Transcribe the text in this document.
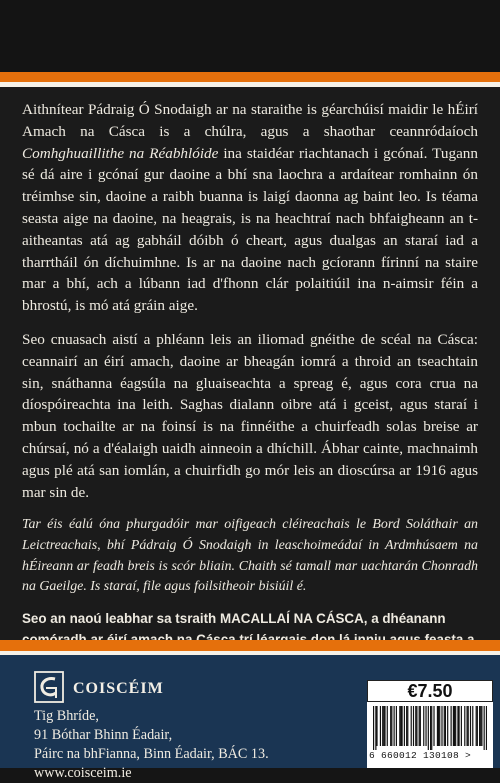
Aithnítear Pádraig Ó Snodaigh ar na staraithe is géarchúisí maidir le hÉirí Amach na Cásca is a chúlra, agus a shaothar ceannródaíoch Comhghuaillithe na Réabhlóide ina staidéar riachtanach i gcónaí. Tugann sé dá aire i gcónaí gur daoine a bhí sna laochra a ardaítear romhainn ón tréimhse sin, daoine a raibh buanna is laigí daonna ag baint leo. Is téama seasta aige na daoine, na heagrais, is na heachtraí nach bhfaigheann an t-aitheantas atá ag gabháil dóibh ó cheart, agus dualgas an staraí iad a tharrtháil ón díchuimhne. Is ar na daoine nach gcíorann fírinní na staire mar a bhí, ach a lúbann iad d'fhonn clár polaitiúil ina n-aimsir féin a bhrostú, is mó atá gráin aige.

Seo cnuasach aistí a phléann leis an iliomad gnéithe de scéal na Cásca: ceannairí an éirí amach, daoine ar bheagán iomrá a throid an tseachtain sin, snáthanna éagsúla na gluaiseachta a spreag é, agus cora crua na díospóireachta ina leith. Saghas dialann oibre atá i gceist, agus staraí i mbun tochailte ar na foinsí is na finnéithe a chuirfeadh solas breise ar chúrsaí, nó a d'éalaigh uaidh ainneoin a dhíchill. Ábhar cainte, machnaimh agus plé atá san iomlán, a chuirfidh go mór leis an dioscúrsa ar 1916 agus mar sin de.

Tar éis éalú óna phurgadóir mar oifigeach cléireachais le Bord Soláthair an Leictreachais, bhí Pádraig Ó Snodaigh in leaschoimeádaí in Ardmhúsaem na hÉireann ar feadh breis is scór bliain. Chaith sé tamall mar uachtarán Chonradh na Gaeilge. Is staraí, file agus foilsitheoir bisiúil é.

Seo an naoú leabhar sa tsraith MACALLAÍ NA CÁSCA, a dhéanann

COISCÉIM
Tig Bhríde,
91 Bóthar Bhinn Éadair,
Páirc na bhFianna, Binn Éadair, BÁC 13.
www.coisceim.ie
€7.50
6 660012 130108 >
